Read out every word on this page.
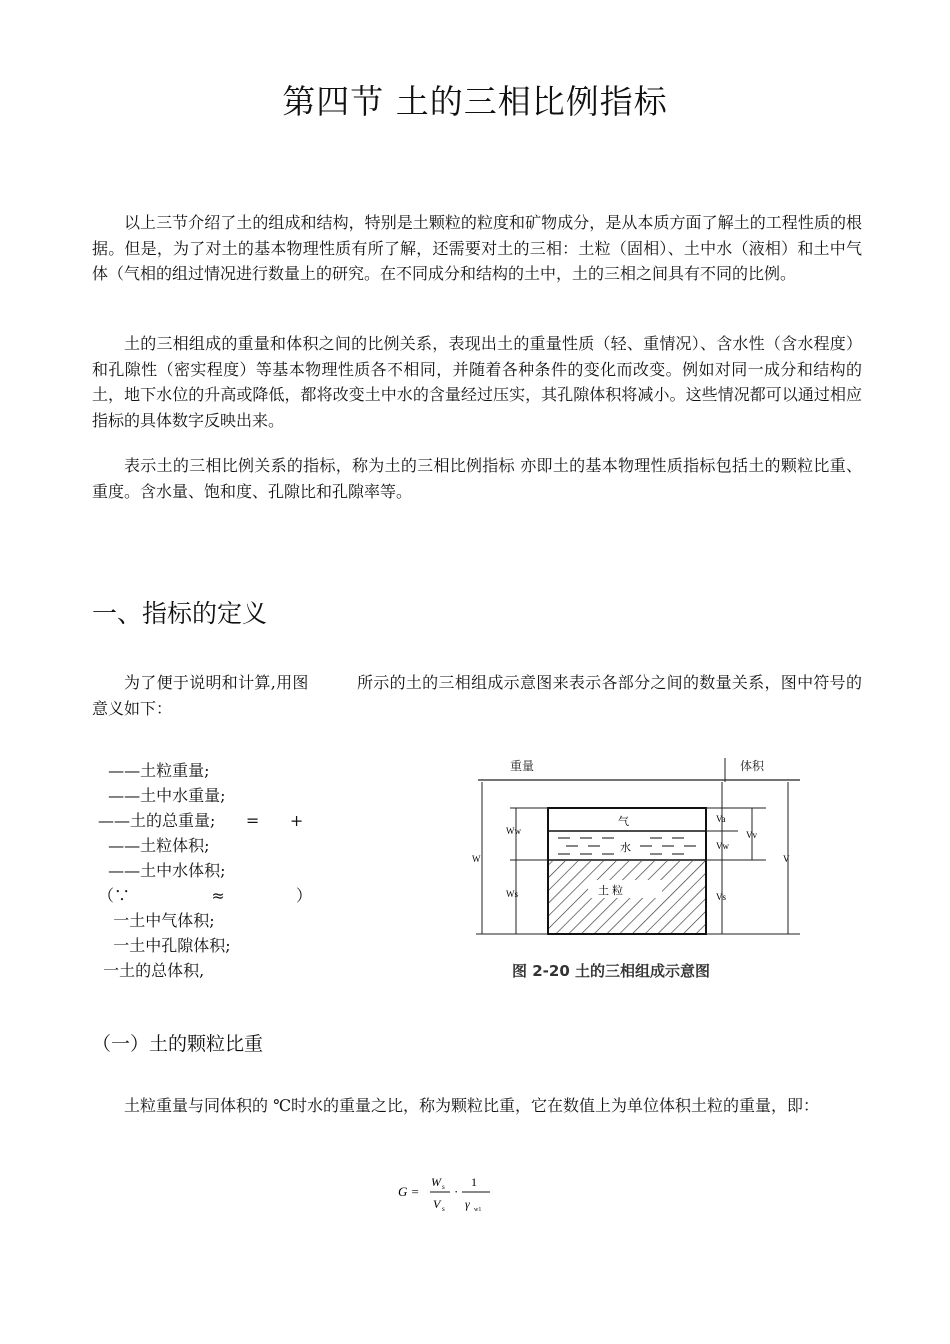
第四节 土的三相比例指标
以上三节介绍了土的组成和结构，特别是土颗粒的粒度和矿物成分，是从本质方面了解土的工程性质的根据。但是，为了对土的基本物理性质有所了解，还需要对土的三相：土粒（固相）、土中水（液相）和土中气体（气相的组过情况进行数量上的研究。在不同成分和结构的土中，土的三相之间具有不同的比例。
土的三相组成的重量和体积之间的比例关系，表现出土的重量性质（轻、重情况）、含水性（含水程度）和孔隙性（密实程度）等基本物理性质各不相同，并随着各种条件的变化而改变。例如对同一成分和结构的土，地下水位的升高或降低，都将改变土中水的含量经过压实，其孔隙体积将减小。这些情况都可以通过相应指标的具体数字反映出来。
表示土的三相比例关系的指标，称为土的三相比例指标 亦即土的基本物理性质指标包括土的颗粒比重、重度。含水量、饱和度、孔隙比和孔隙率等。
一、指标的定义
为了便于说明和计算,用图	所示的土的三相组成示意图来表示各部分之间的数量关系，图中符号的意义如下：
——土粒重量;
——土中水重量;
——土的总重量;      =      +
——土粒体积;
——土中水体积;
（∵                ≈              ）
一土中气体积;
一土中孔隙体积;
一土的总体积,
重量	体积
气
水
土 粒
W
Ww
Ws
Va
Vw
Vv
Vs
V
图 2-20 土的三相组成示意图
（一）土的颗粒比重
土粒重量与同体积的 ℃时水的重量之比，称为颗粒比重，它在数值上为单位体积土粒的重量，即：
G =
W s
V s
·
1
γ w1
